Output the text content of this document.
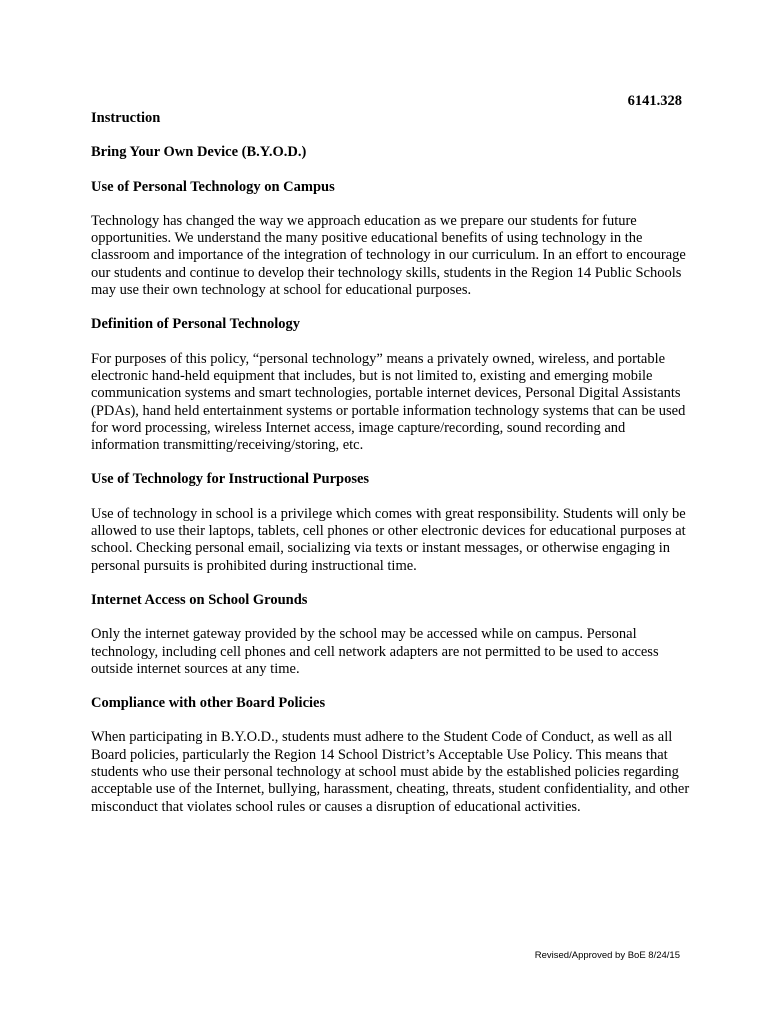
6141.328
Instruction
Bring Your Own Device (B.Y.O.D.)
Use of Personal Technology on Campus

Technology has changed the way we approach education as we prepare our students for future opportunities. We understand the many positive educational benefits of using technology in the classroom and importance of the integration of technology in our curriculum. In an effort to encourage our students and continue to develop their technology skills, students in the Region 14 Public Schools may use their own technology at school for educational purposes.

Definition of Personal Technology

For purposes of this policy, “personal technology” means a privately owned, wireless, and portable electronic hand-held equipment that includes, but is not limited to, existing and emerging mobile communication systems and smart technologies, portable internet devices, Personal Digital Assistants (PDAs), hand held entertainment systems or portable information technology systems that can be used for word processing, wireless Internet access, image capture/recording, sound recording and information transmitting/receiving/storing, etc.

Use of Technology for Instructional Purposes

Use of technology in school is a privilege which comes with great responsibility. Students will only be allowed to use their laptops, tablets, cell phones or other electronic devices for educational purposes at school. Checking personal email, socializing via texts or instant messages, or otherwise engaging in personal pursuits is prohibited during instructional time.

Internet Access on School Grounds

Only the internet gateway provided by the school may be accessed while on campus. Personal technology, including cell phones and cell network adapters are not permitted to be used to access outside internet sources at any time.

Compliance with other Board Policies

When participating in B.Y.O.D., students must adhere to the Student Code of Conduct, as well as all Board policies, particularly the Region 14 School District’s Acceptable Use Policy. This means that students who use their personal technology at school must abide by the established policies regarding acceptable use of the Internet, bullying, harassment, cheating, threats, student confidentiality, and other misconduct that violates school rules or causes a disruption of educational activities.

Revised/Approved by BoE 8/24/15
